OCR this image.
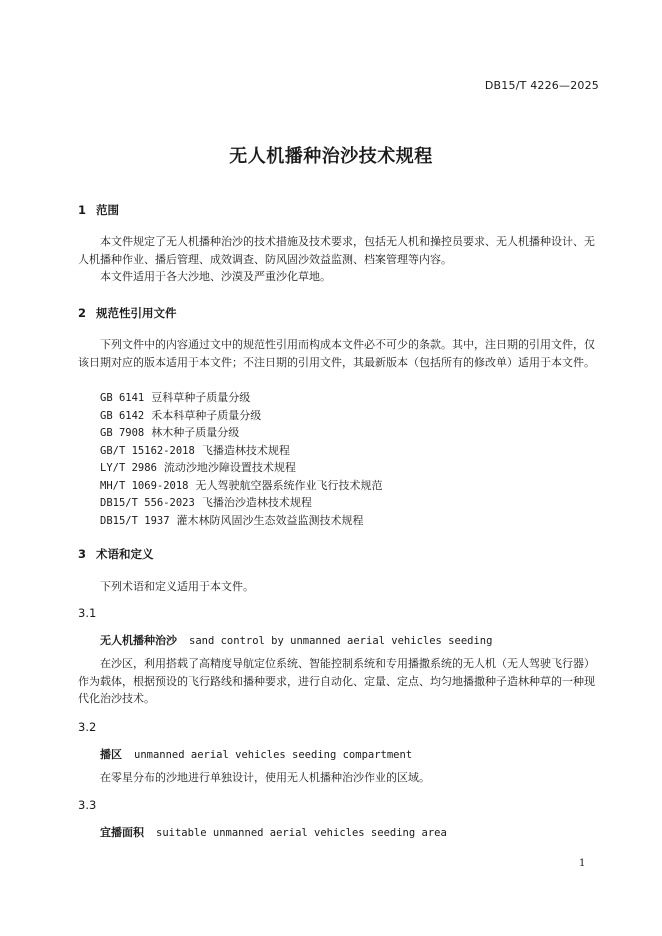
DB15/T 4226—2025
无人机播种治沙技术规程
1 范围

本文件规定了无人机播种治沙的技术措施及技术要求，包括无人机和操控员要求、无人机播种设计、无人机播种作业、播后管理、成效调查、防风固沙效益监测、档案管理等内容。

本文件适用于各大沙地、沙漠及严重沙化草地。

2 规范性引用文件

下列文件中的内容通过文中的规范性引用而构成本文件必不可少的条款。其中，注日期的引用文件，仅该日期对应的版本适用于本文件；不注日期的引用文件，其最新版本（包括所有的修改单）适用于本文件。

GB 6141 豆科草种子质量分级
GB 6142 禾本科草种子质量分级
GB 7908 林木种子质量分级
GB/T 15162-2018 飞播造林技术规程
LY/T 2986 流动沙地沙障设置技术规程
MH/T 1069-2018 无人驾驶航空器系统作业飞行技术规范
DB15/T 556-2023 飞播治沙造林技术规程
DB15/T 1937 灌木林防风固沙生态效益监测技术规程
3 术语和定义

下列术语和定义适用于本文件。

3.1
无人机播种治沙 sand control by unmanned aerial vehicles seeding

在沙区，利用搭载了高精度导航定位系统、智能控制系统和专用播撒系统的无人机（无人驾驶飞行器）作为载体，根据预设的飞行路线和播种要求，进行自动化、定量、定点、均匀地播撒种子造林种草的一种现代化治沙技术。

3.2
播区 unmanned aerial vehicles seeding compartment

在零星分布的沙地进行单独设计，使用无人机播种治沙作业的区域。

3.3
宜播面积 suitable unmanned aerial vehicles seeding area
1
